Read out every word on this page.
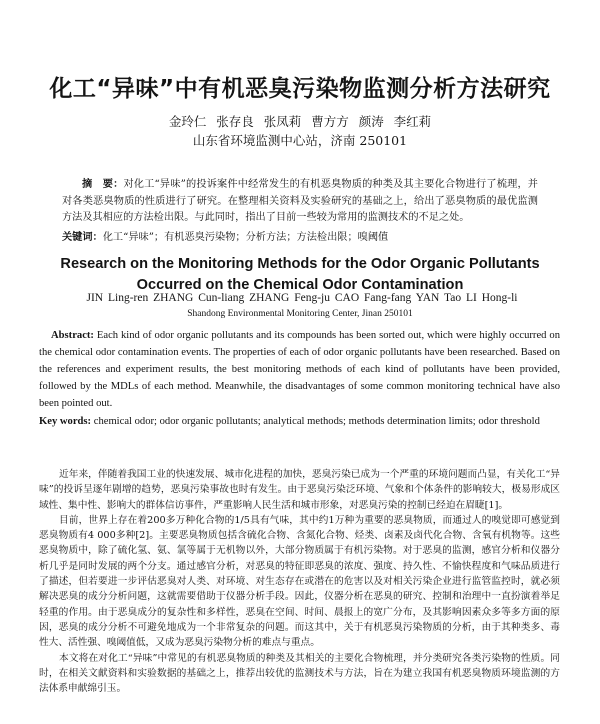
化工“异味”中有机恶臭污染物监测分析方法研究
金玲仁 张存良 张凤莉 曹方方 颜涛 李红莉
山东省环境监测中心站，济南 250101
摘　要：对化工“异味”的投诉案件中经常发生的有机恶臭物质的种类及其主要化合物进行了梳理，并对各类恶臭物质的性质进行了研究。在整理相关资料及实验研究的基础之上，给出了恶臭物质的最优监测方法及其相应的方法检出限。与此同时，指出了目前一些较为常用的监测技术的不足之处。
关键词：化工“异味”；有机恶臭污染物；分析方法；方法检出限；嗅阈值
Research on the Monitoring Methods for the Odor Organic Pollutants
Occurred on the Chemical Odor Contamination
JIN Ling-ren ZHANG Cun-liang ZHANG Feng-ju CAO Fang-fang YAN Tao LI Hong-li
Shandong Environmental Monitoring Center, Jinan 250101
Abstract: Each kind of odor organic pollutants and its compounds has been sorted out, which were highly occurred on the chemical odor contamination events. The properties of each of odor organic pollutants have been researched. Based on the references and experiment results, the best monitoring methods of each kind of pollutants have been provided, followed by the MDLs of each method. Meanwhile, the disadvantages of some common monitoring technical have also been pointed out.
Key words: chemical odor; odor organic pollutants; analytical methods; methods determination limits; odor threshold

近年来，伴随着我国工业的快速发展、城市化进程的加快，恶臭污染已成为一个严重的环境问题而凸显，有关化工“异味”的投诉呈逐年剧增的趋势，恶臭污染事故也时有发生。由于恶臭污染泛环境、气象和个体条件的影响较大，极易形成区域性、集中性、影响大的群体信访事件，严重影响人民生活和城市形象，对恶臭污染的控制已经迫在眉睫[1]。

目前，世界上存在着200多万种化合物的1/5具有气味，其中约1万种为重要的恶臭物质，而通过人的嗅觉即可感觉到恶臭物质有4 000多种[2]。主要恶臭物质包括含硫化合物、含氮化合物、烃类、卤素及卤代化合物、含氧有机物等。这些恶臭物质中，除了硫化氢、氨、氯等属于无机物以外，大部分物质属于有机污染物。对于恶臭的监测，感官分析和仪器分析几乎是同时发展的两个分支。通过感官分析，对恶臭的特征即恶臭的浓度、强度、持久性、不愉快程度和气味品质进行了描述，但若要进一步评估恶臭对人类、对环境、对生态存在或潜在的危害以及对相关污染企业进行监管监控时，就必须解决恶臭的成分分析问题，这就需要借助于仪器分析手段。因此，仪器分析在恶臭的研究、控制和治理中一直扮演着举足轻重的作用。由于恶臭成分的复杂性和多样性，恶臭在空间、时间、晨报上的宽广分布，及其影响因素众多等多方面的原因，恶臭的成分分析不可避免地成为一个非常复杂的问题。而这其中，关于有机恶臭污染物质的分析，由于其种类多、毒性大、活性强、嗅阈值低，又成为恶臭污染物分析的难点与重点。

本文将在对化工“异味”中常见的有机恶臭物质的种类及其相关的主要化合物梳理，并分类研究各类污染物的性质。同时，在相关文献资料和实验数据的基础之上，推荐出较优的监测技术与方法，旨在为建立我国有机恶臭物质环境监测的方法体系申献绵引玉。
